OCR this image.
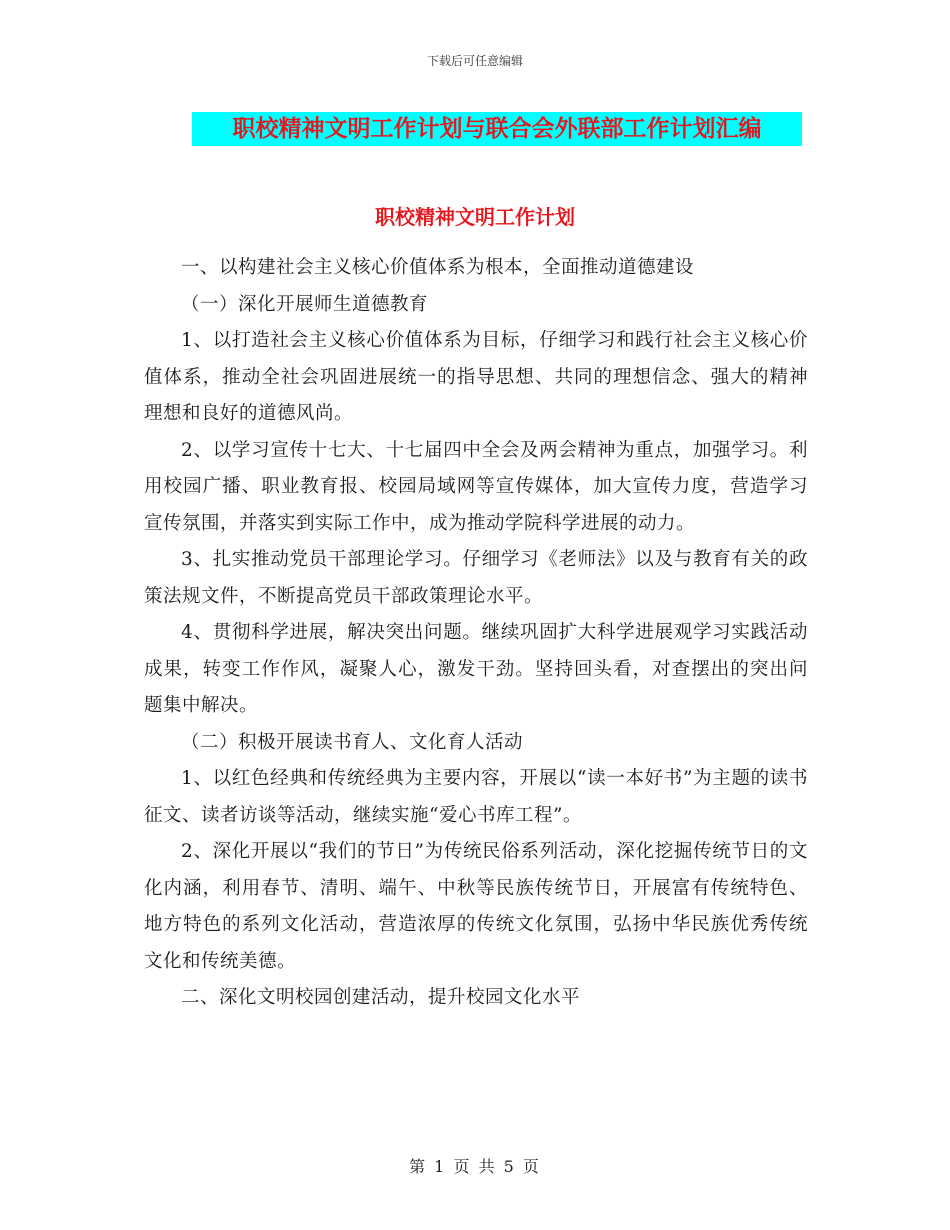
下载后可任意编辑
职校精神文明工作计划与联合会外联部工作计划汇编
职校精神文明工作计划

一、以构建社会主义核心价值体系为根本，全面推动道德建设

（一）深化开展师生道德教育

1、以打造社会主义核心价值体系为目标，仔细学习和践行社会主义核心价值体系，推动全社会巩固进展统一的指导思想、共同的理想信念、强大的精神理想和良好的道德风尚。

2、以学习宣传十七大、十七届四中全会及两会精神为重点，加强学习。利用校园广播、职业教育报、校园局域网等宣传媒体，加大宣传力度，营造学习宣传氛围，并落实到实际工作中，成为推动学院科学进展的动力。

3、扎实推动党员干部理论学习。仔细学习《老师法》以及与教育有关的政策法规文件，不断提高党员干部政策理论水平。

4、贯彻科学进展，解决突出问题。继续巩固扩大科学进展观学习实践活动成果，转变工作作风，凝聚人心，激发干劲。坚持回头看，对查摆出的突出问题集中解决。

（二）积极开展读书育人、文化育人活动

1、以红色经典和传统经典为主要内容，开展以“读一本好书”为主题的读书征文、读者访谈等活动，继续实施“爱心书库工程”。

2、深化开展以“我们的节日”为传统民俗系列活动，深化挖掘传统节日的文化内涵，利用春节、清明、端午、中秋等民族传统节日，开展富有传统特色、地方特色的系列文化活动，营造浓厚的传统文化氛围，弘扬中华民族优秀传统文化和传统美德。

二、深化文明校园创建活动，提升校园文化水平

第 1 页 共 5 页
